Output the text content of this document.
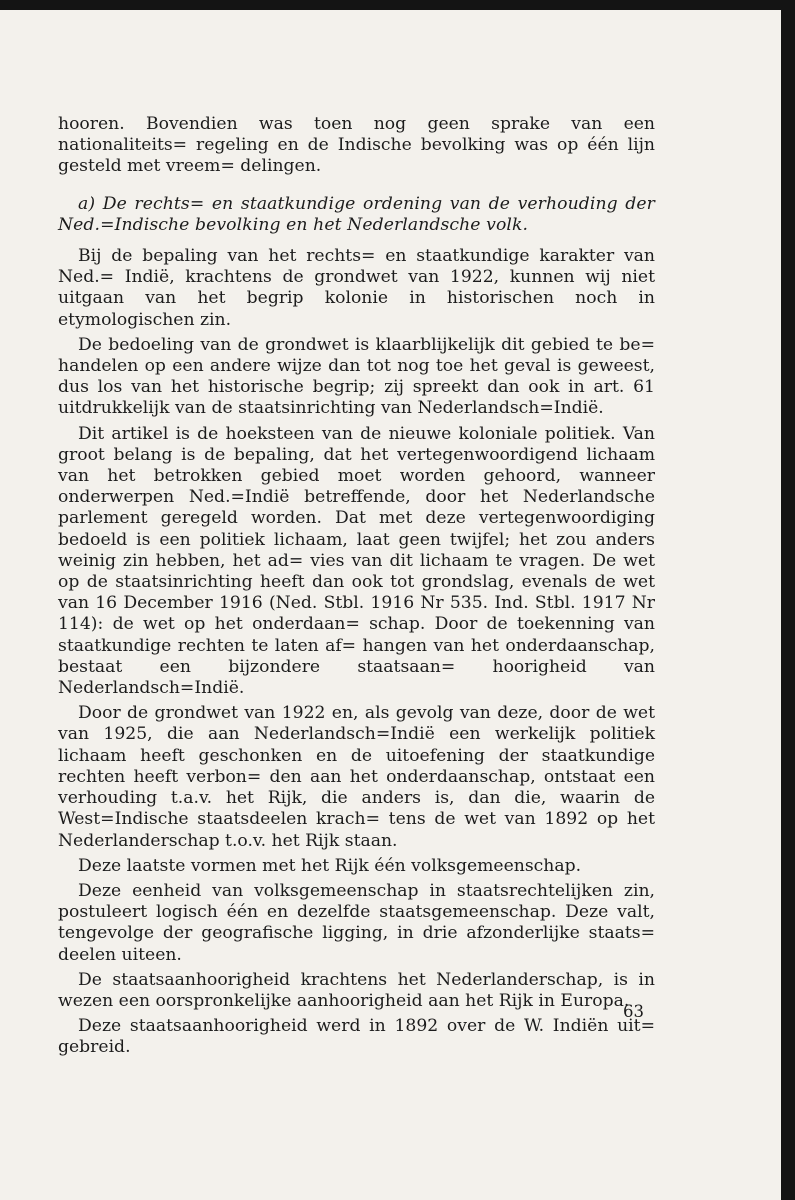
hooren. Bovendien was toen nog geen sprake van een nationaliteits= regeling en de Indische bevolking was op één lijn gesteld met vreem= delingen.

a) De rechts= en staatkundige ordening van de verhouding der Ned.=Indische bevolking en het Nederlandsche volk.

Bij de bepaling van het rechts= en staatkundige karakter van Ned.= Indië, krachtens de grondwet van 1922, kunnen wij niet uitgaan van het begrip kolonie in historischen noch in etymologischen zin.

De bedoeling van de grondwet is klaarblijkelijk dit gebied te be= handelen op een andere wijze dan tot nog toe het geval is geweest, dus los van het historische begrip; zij spreekt dan ook in art. 61 uitdrukkelijk van de staatsinrichting van Nederlandsch=Indië.

Dit artikel is de hoeksteen van de nieuwe koloniale politiek. Van groot belang is de bepaling, dat het vertegenwoordigend lichaam van het betrokken gebied moet worden gehoord, wanneer onderwerpen Ned.=Indië betreffende, door het Nederlandsche parlement geregeld worden. Dat met deze vertegenwoordiging bedoeld is een politiek lichaam, laat geen twijfel; het zou anders weinig zin hebben, het ad= vies van dit lichaam te vragen. De wet op de staatsinrichting heeft dan ook tot grondslag, evenals de wet van 16 December 1916 (Ned. Stbl. 1916 Nr 535. Ind. Stbl. 1917 Nr 114): de wet op het onderdaan= schap. Door de toekenning van staatkundige rechten te laten af= hangen van het onderdaanschap, bestaat een bijzondere staatsaan= hoorigheid van Nederlandsch=Indië.

Door de grondwet van 1922 en, als gevolg van deze, door de wet van 1925, die aan Nederlandsch=Indië een werkelijk politiek lichaam heeft geschonken en de uitoefening der staatkundige rechten heeft verbon= den aan het onderdaanschap, ontstaat een verhouding t.a.v. het Rijk, die anders is, dan die, waarin de West=Indische staatsdeelen krach= tens de wet van 1892 op het Nederlanderschap t.o.v. het Rijk staan.

Deze laatste vormen met het Rijk één volksgemeenschap.

Deze eenheid van volksgemeenschap in staatsrechtelijken zin, postuleert logisch één en dezelfde staatsgemeenschap. Deze valt, tengevolge der geografische ligging, in drie afzonderlijke staats= deelen uiteen.

De staatsaanhoorigheid krachtens het Nederlanderschap, is in wezen een oorspronkelijke aanhoorigheid aan het Rijk in Europa.

Deze staatsaanhoorigheid werd in 1892 over de W. Indiën uit= gebreid.

63
